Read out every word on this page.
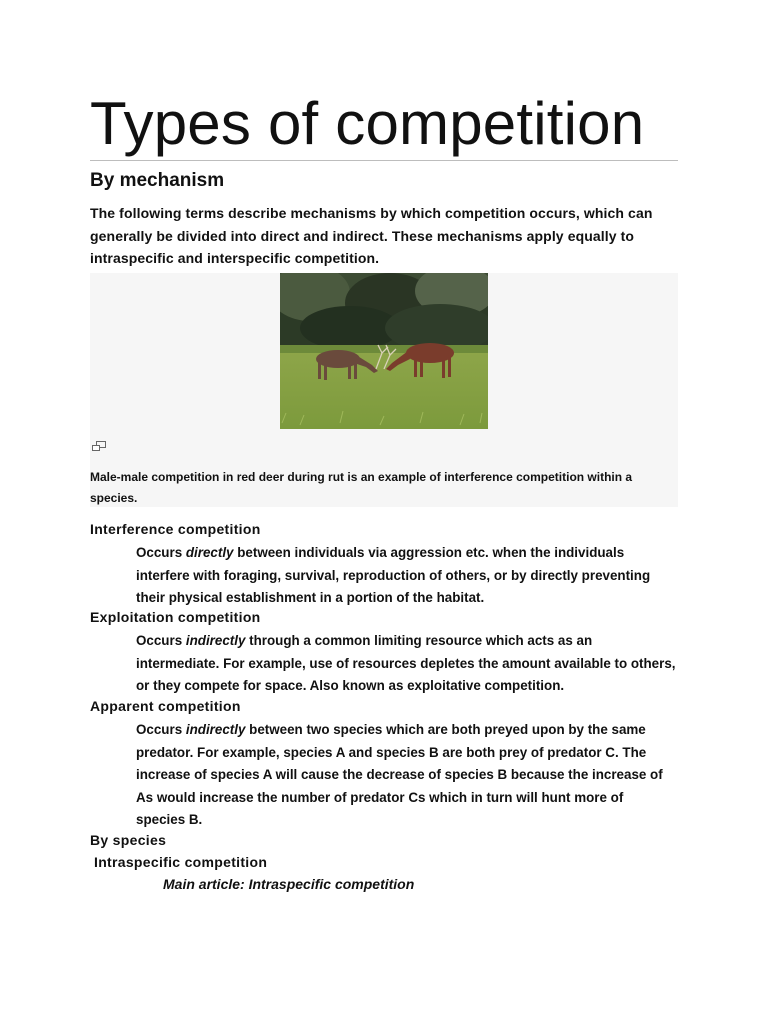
Types of competition
By mechanism

The following terms describe mechanisms by which competition occurs, which can generally be divided into direct and indirect. These mechanisms apply equally to intraspecific and interspecific competition.

Male-male competition in red deer during rut is an example of interference competition within a species.

Interference competition

Occurs directly between individuals via aggression etc. when the individuals interfere with foraging, survival, reproduction of others, or by directly preventing their physical establishment in a portion of the habitat.

Exploitation competition

Occurs indirectly through a common limiting resource which acts as an intermediate. For example, use of resources depletes the amount available to others, or they compete for space. Also known as exploitative competition.

Apparent competition

Occurs indirectly between two species which are both preyed upon by the same predator. For example, species A and species B are both prey of predator C. The increase of species A will cause the decrease of species B because the increase of As would increase the number of predator Cs which in turn will hunt more of species B.

By species

Intraspecific competition

Main article: Intraspecific competition
